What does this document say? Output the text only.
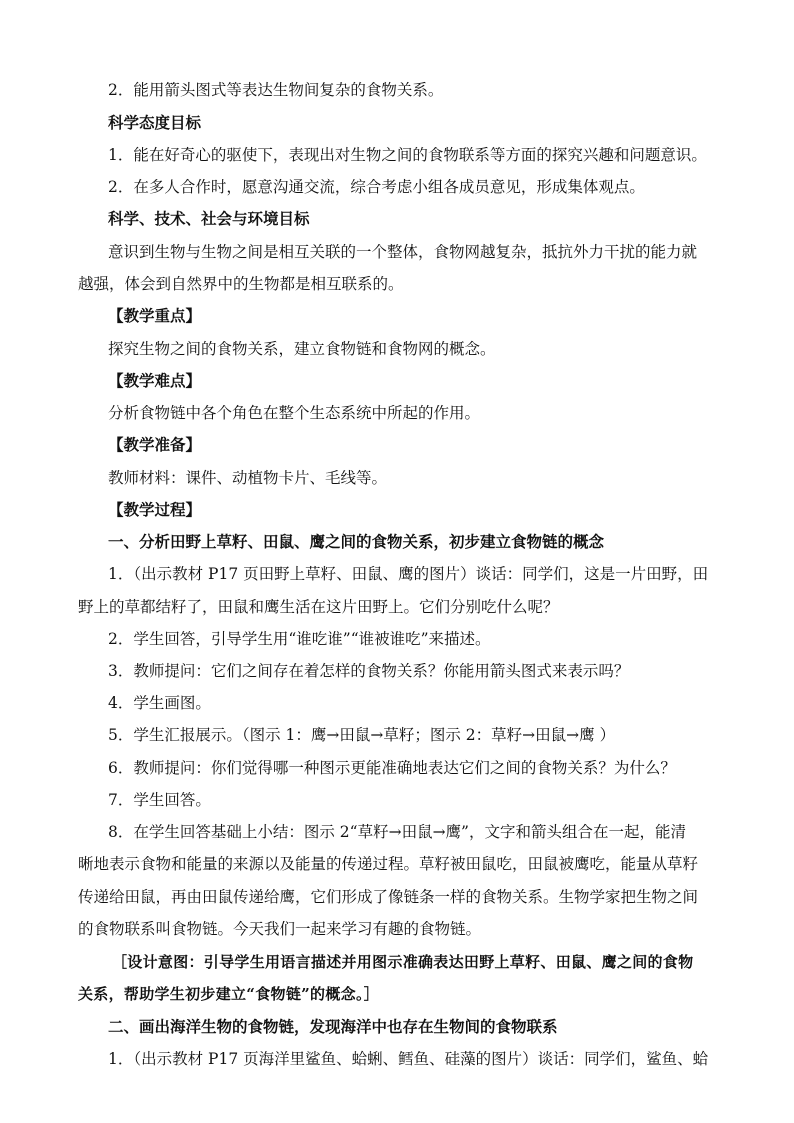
2．能用箭头图式等表达生物间复杂的食物关系。
科学态度目标
1．能在好奇心的驱使下，表现出对生物之间的食物联系等方面的探究兴趣和问题意识。
2．在多人合作时，愿意沟通交流，综合考虑小组各成员意见，形成集体观点。
科学、技术、社会与环境目标
意识到生物与生物之间是相互关联的一个整体，食物网越复杂，抵抗外力干扰的能力就
越强，体会到自然界中的生物都是相互联系的。
【教学重点】
探究生物之间的食物关系，建立食物链和食物网的概念。
【教学难点】
分析食物链中各个角色在整个生态系统中所起的作用。
【教学准备】
教师材料：课件、动植物卡片、毛线等。
【教学过程】
一、分析田野上草籽、田鼠、鹰之间的食物关系，初步建立食物链的概念
1．（出示教材 P17 页田野上草籽、田鼠、鹰的图片）谈话：同学们，这是一片田野，田
野上的草都结籽了，田鼠和鹰生活在这片田野上。它们分别吃什么呢？
2．学生回答，引导学生用“谁吃谁”“谁被谁吃”来描述。
3．教师提问：它们之间存在着怎样的食物关系？你能用箭头图式来表示吗？
4．学生画图。
5．学生汇报展示。（图示 1：鹰→田鼠→草籽；图示 2：草籽→田鼠→鹰 ）
6．教师提问：你们觉得哪一种图示更能准确地表达它们之间的食物关系？为什么？
7．学生回答。
8．在学生回答基础上小结：图示 2“草籽→田鼠→鹰”，文字和箭头组合在一起，能清
晰地表示食物和能量的来源以及能量的传递过程。草籽被田鼠吃，田鼠被鹰吃，能量从草籽
传递给田鼠，再由田鼠传递给鹰，它们形成了像链条一样的食物关系。生物学家把生物之间
的食物联系叫食物链。今天我们一起来学习有趣的食物链。
［设计意图：引导学生用语言描述并用图示准确表达田野上草籽、田鼠、鹰之间的食物
关系，帮助学生初步建立“食物链”的概念。］
二、画出海洋生物的食物链，发现海洋中也存在生物间的食物联系
1．（出示教材 P17 页海洋里鲨鱼、蛤蜊、鳕鱼、硅藻的图片）谈话：同学们，鲨鱼、蛤
